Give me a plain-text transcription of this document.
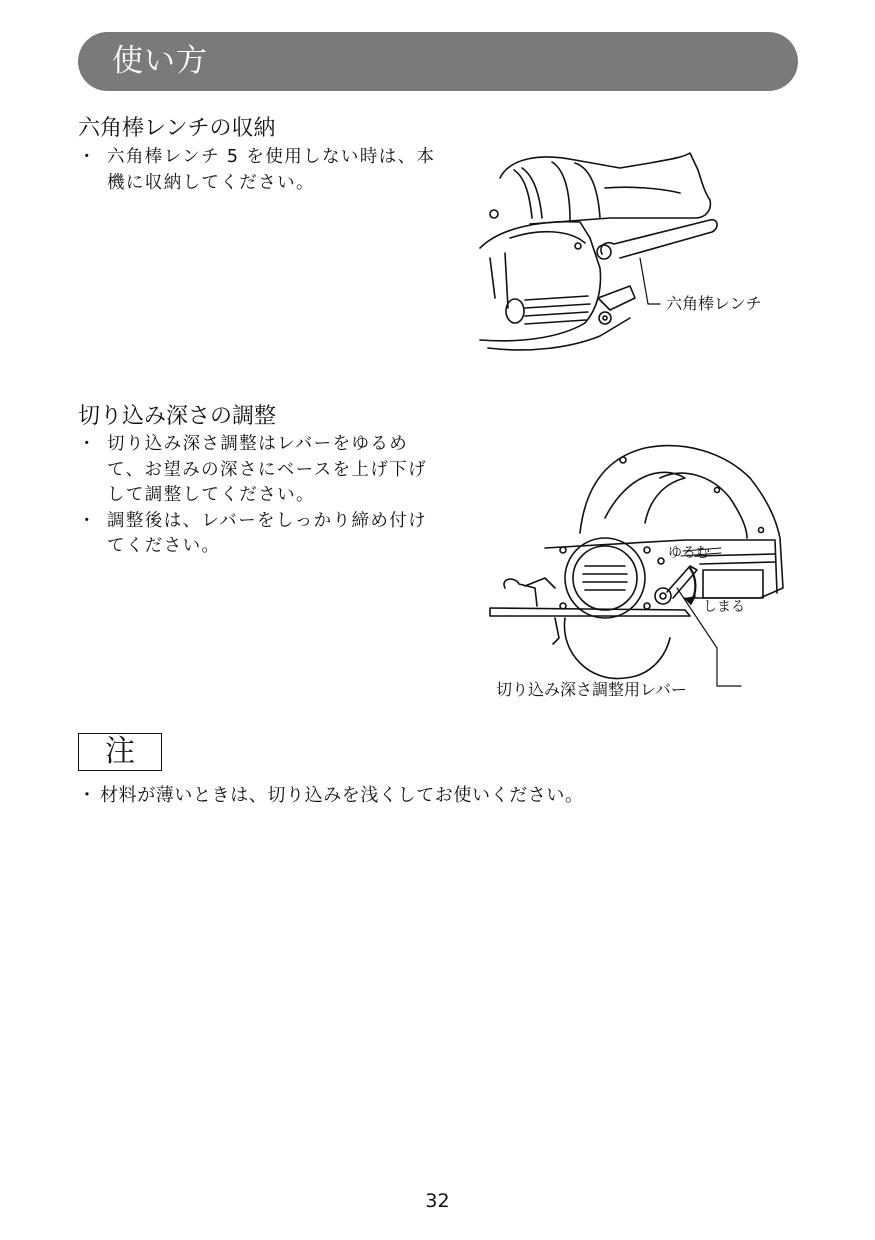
使い方
六角棒レンチの収納
・ 六角棒レンチ 5 を使用しない時は、本
機に収納してください。
六角棒レンチ
切り込み深さの調整
・ 切り込み深さ調整はレバーをゆるめ
て、お望みの深さにベースを上げ下げ
して調整してください。
・ 調整後は、レバーをしっかり締め付け
てください。	ゆるむ
しまる
切り込み深さ調整用レバー
注
・ 材料が薄いときは、切り込みを浅くしてお使いください。
32
